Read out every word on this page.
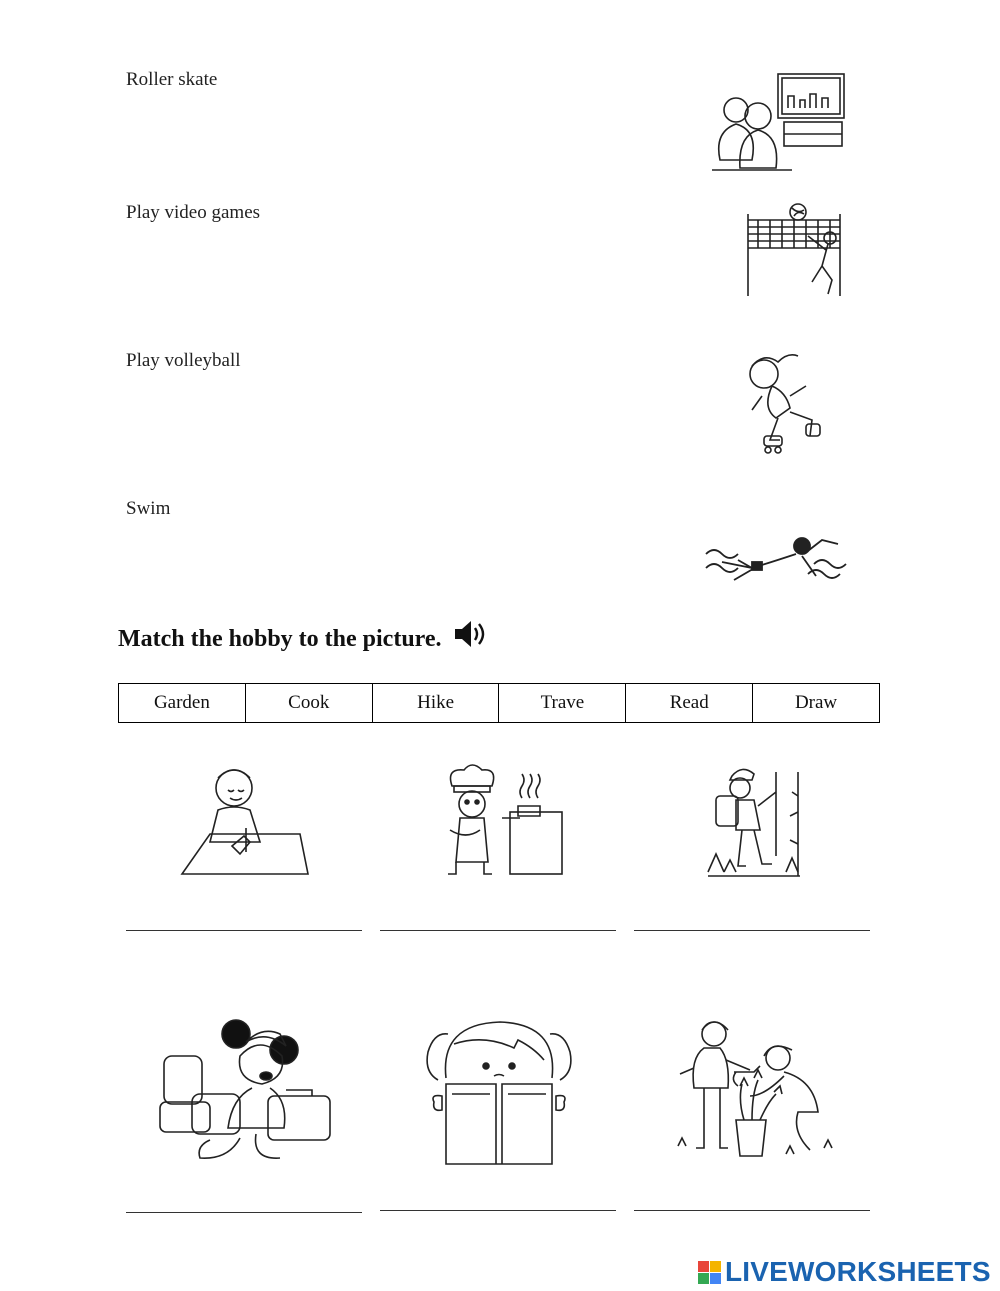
Roller skate
Play video games
Play volleyball
Swim
Match the hobby to the picture.
Garden	Cook	Hike	Trave	Read	Draw
LIVEWORKSHEETS
